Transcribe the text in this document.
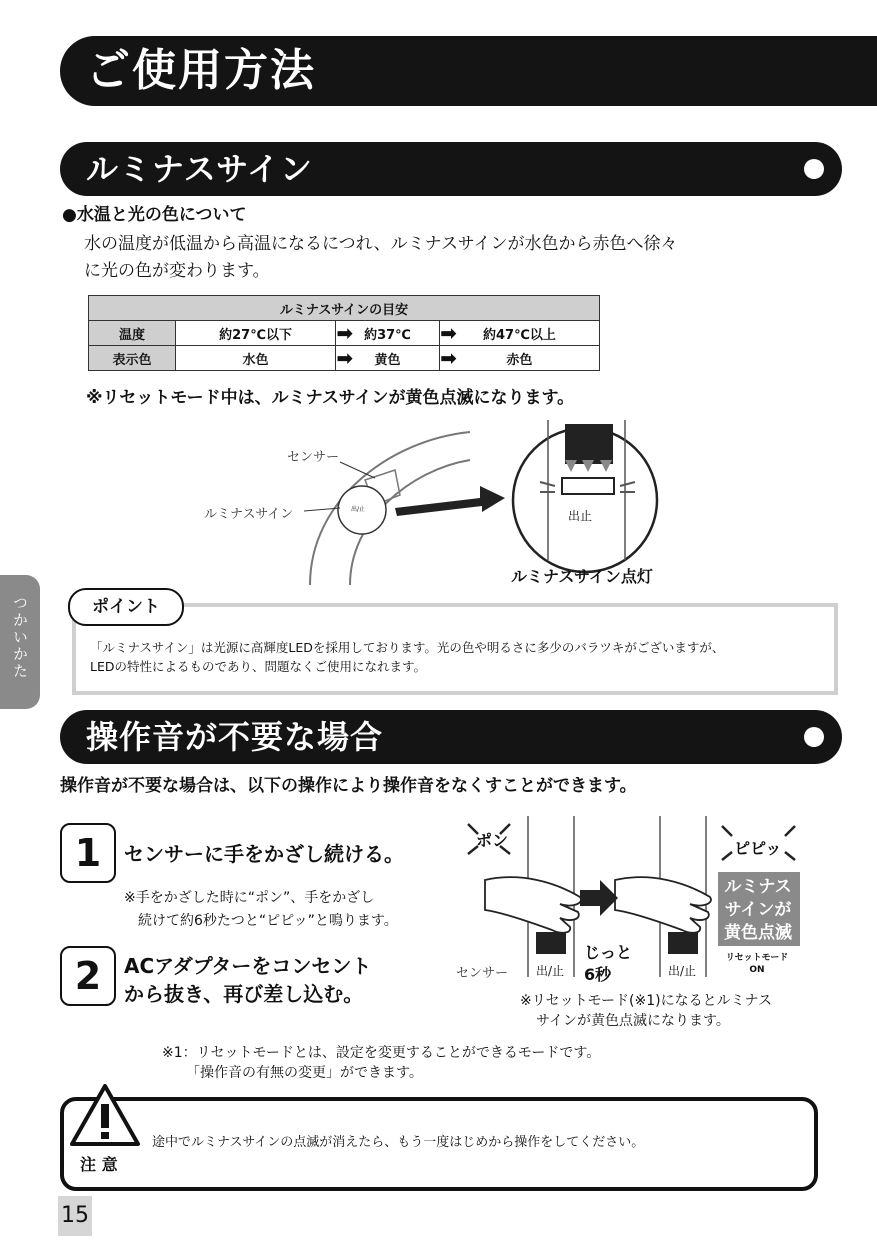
ご使用方法
つかいかた
ルミナスサイン
●水温と光の色について
水の温度が低温から高温になるにつれ、ルミナスサインが水色から赤色へ徐々
に光の色が変わります。
ルミナスサインの目安			
温度	約27℃以下 ➡	約37℃ ➡	約47℃以上
表示色	水色 ➡	黄色 ➡	赤色
※リセットモード中は、ルミナスサインが黄色点滅になります。
センサー
ルミナスサイン	出/止	出止
ルミナスサイン点灯
ポイント
「ルミナスサイン」は光源に高輝度LEDを採用しております。光の色や明るさに多少のバラツキがございますが、
LEDの特性によるものであり、問題なくご使用になれます。
操作音が不要な場合
操作音が不要な場合は、以下の操作により操作音をなくすことができます。
1	センサーに手をかざし続ける。
※手をかざした時に“ポン”、手をかざし
続けて約6秒たつと“ピピッ”と鳴ります。
2	ACアダプターをコンセント
から抜き、再び差し込む。
ポン	ピピッ
ルミナス
サインが
黄色点滅
じっと
6秒
センサー 出/止	出/止
リセットモード
ON
※リセットモード(※1)になるとルミナス
サインが黄色点滅になります。
※1：リセットモードとは、設定を変更することができるモードです。
「操作音の有無の変更」ができます。
注 意
途中でルミナスサインの点滅が消えたら、もう一度はじめから操作をしてください。
15
